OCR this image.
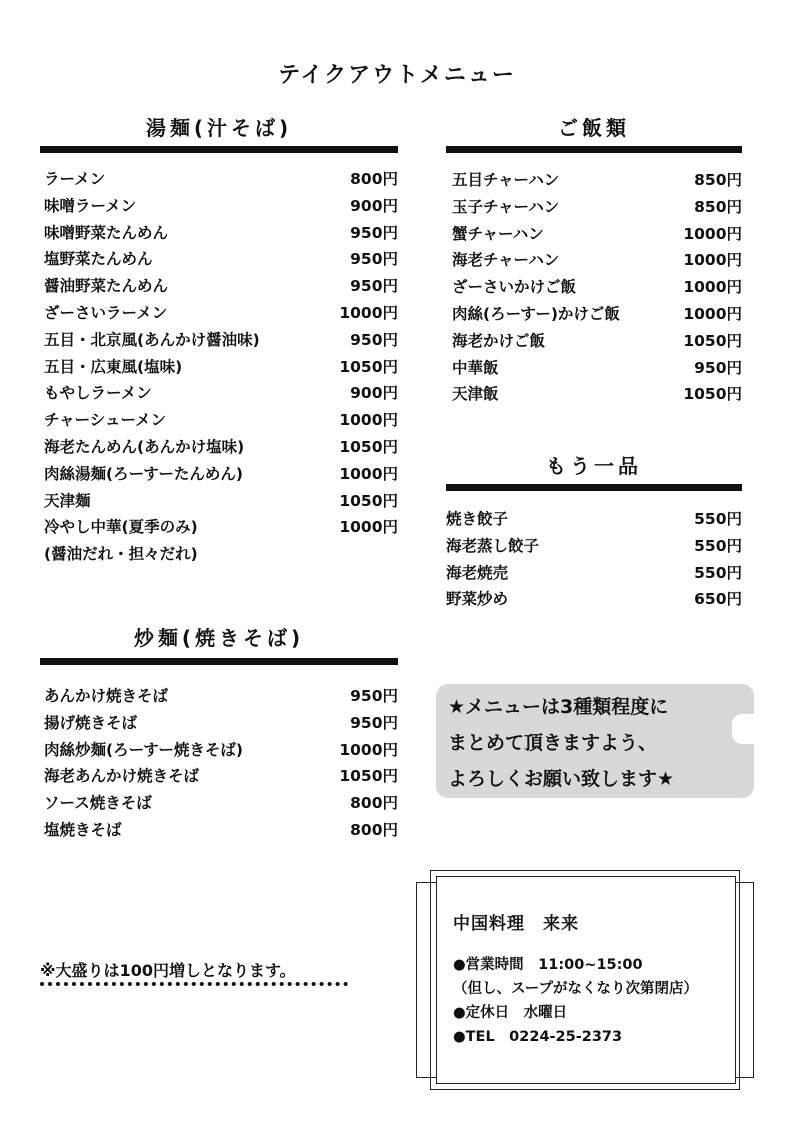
テイクアウトメニュー
湯麺(汁そば)
ラーメン	800円
味噌ラーメン	900円
味噌野菜たんめん	950円
塩野菜たんめん	950円
醤油野菜たんめん	950円
ざーさいラーメン	1000円
五目・北京風(あんかけ醤油味)	950円
五目・広東風(塩味)	1050円
もやしラーメン	900円
チャーシューメン	1000円
海老たんめん(あんかけ塩味)	1050円
肉絲湯麺(ろーすーたんめん)	1000円
天津麺	1050円
冷やし中華(夏季のみ)	1000円
(醤油だれ・担々だれ)
炒麺(焼きそば)
あんかけ焼きそば	950円
揚げ焼きそば	950円
肉絲炒麺(ろーすー焼きそば)	1000円
海老あんかけ焼きそば	1050円
ソース焼きそば	800円
塩焼きそば	800円
ご飯類
五目チャーハン	850円
玉子チャーハン	850円
蟹チャーハン	1000円
海老チャーハン	1000円
ざーさいかけご飯	1000円
肉絲(ろーすー)かけご飯	1000円
海老かけご飯	1050円
中華飯	950円
天津飯	1050円
もう一品
焼き餃子	550円
海老蒸し餃子	550円
海老焼売	550円
野菜炒め	650円
★メニューは3種類程度に
まとめて頂きますよう、
よろしくお願い致します★
※大盛りは100円増しとなります。
中国料理　来来
●営業時間　11:00~15:00
（但し、スープがなくなり次第閉店）
●定休日　水曜日
●TEL　0224-25-2373
